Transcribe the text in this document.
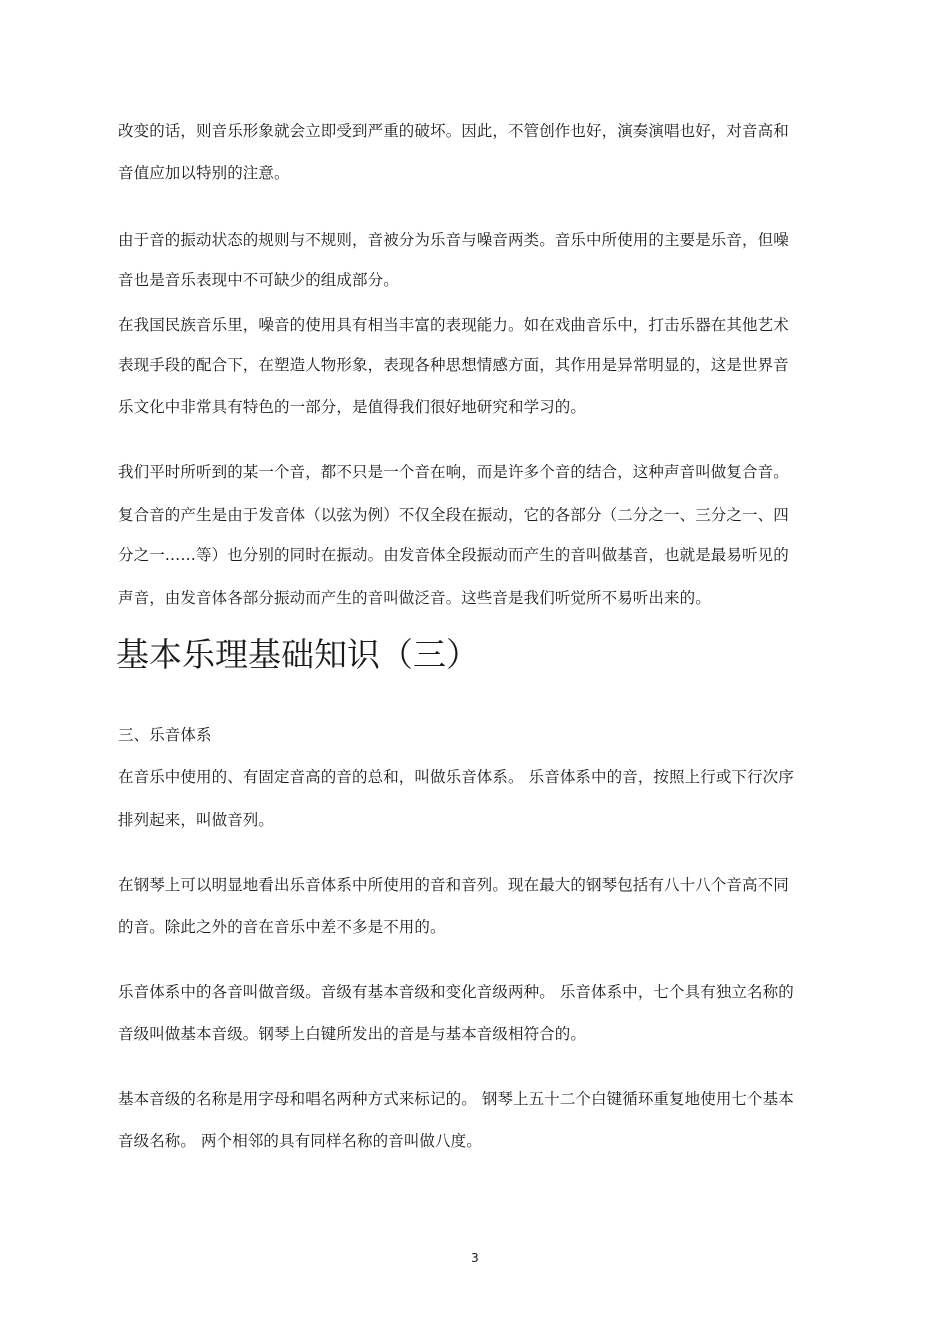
改变的话，则音乐形象就会立即受到严重的破坏。因此，不管创作也好，演奏演唱也好，对音高和
音值应加以特别的注意。
由于音的振动状态的规则与不规则，音被分为乐音与噪音两类。音乐中所使用的主要是乐音，但噪
音也是音乐表现中不可缺少的组成部分。
在我国民族音乐里，噪音的使用具有相当丰富的表现能力。如在戏曲音乐中，打击乐器在其他艺术
表现手段的配合下，在塑造人物形象，表现各种思想情感方面，其作用是异常明显的，这是世界音
乐文化中非常具有特色的一部分，是值得我们很好地研究和学习的。
我们平时所听到的某一个音，都不只是一个音在响，而是许多个音的结合，这种声音叫做复合音。
复合音的产生是由于发音体（以弦为例）不仅全段在振动，它的各部分（二分之一、三分之一、四
分之一……等）也分别的同时在振动。由发音体全段振动而产生的音叫做基音，也就是最易听见的
声音，由发音体各部分振动而产生的音叫做泛音。这些音是我们听觉所不易听出来的。
基本乐理基础知识（三）
三、乐音体系
在音乐中使用的、有固定音高的音的总和，叫做乐音体系。 乐音体系中的音，按照上行或下行次序
排列起来，叫做音列。
在钢琴上可以明显地看出乐音体系中所使用的音和音列。现在最大的钢琴包括有八十八个音高不同
的音。除此之外的音在音乐中差不多是不用的。
乐音体系中的各音叫做音级。音级有基本音级和变化音级两种。 乐音体系中，七个具有独立名称的
音级叫做基本音级。钢琴上白键所发出的音是与基本音级相符合的。
基本音级的名称是用字母和唱名两种方式来标记的。 钢琴上五十二个白键循环重复地使用七个基本
音级名称。 两个相邻的具有同样名称的音叫做八度。
3
